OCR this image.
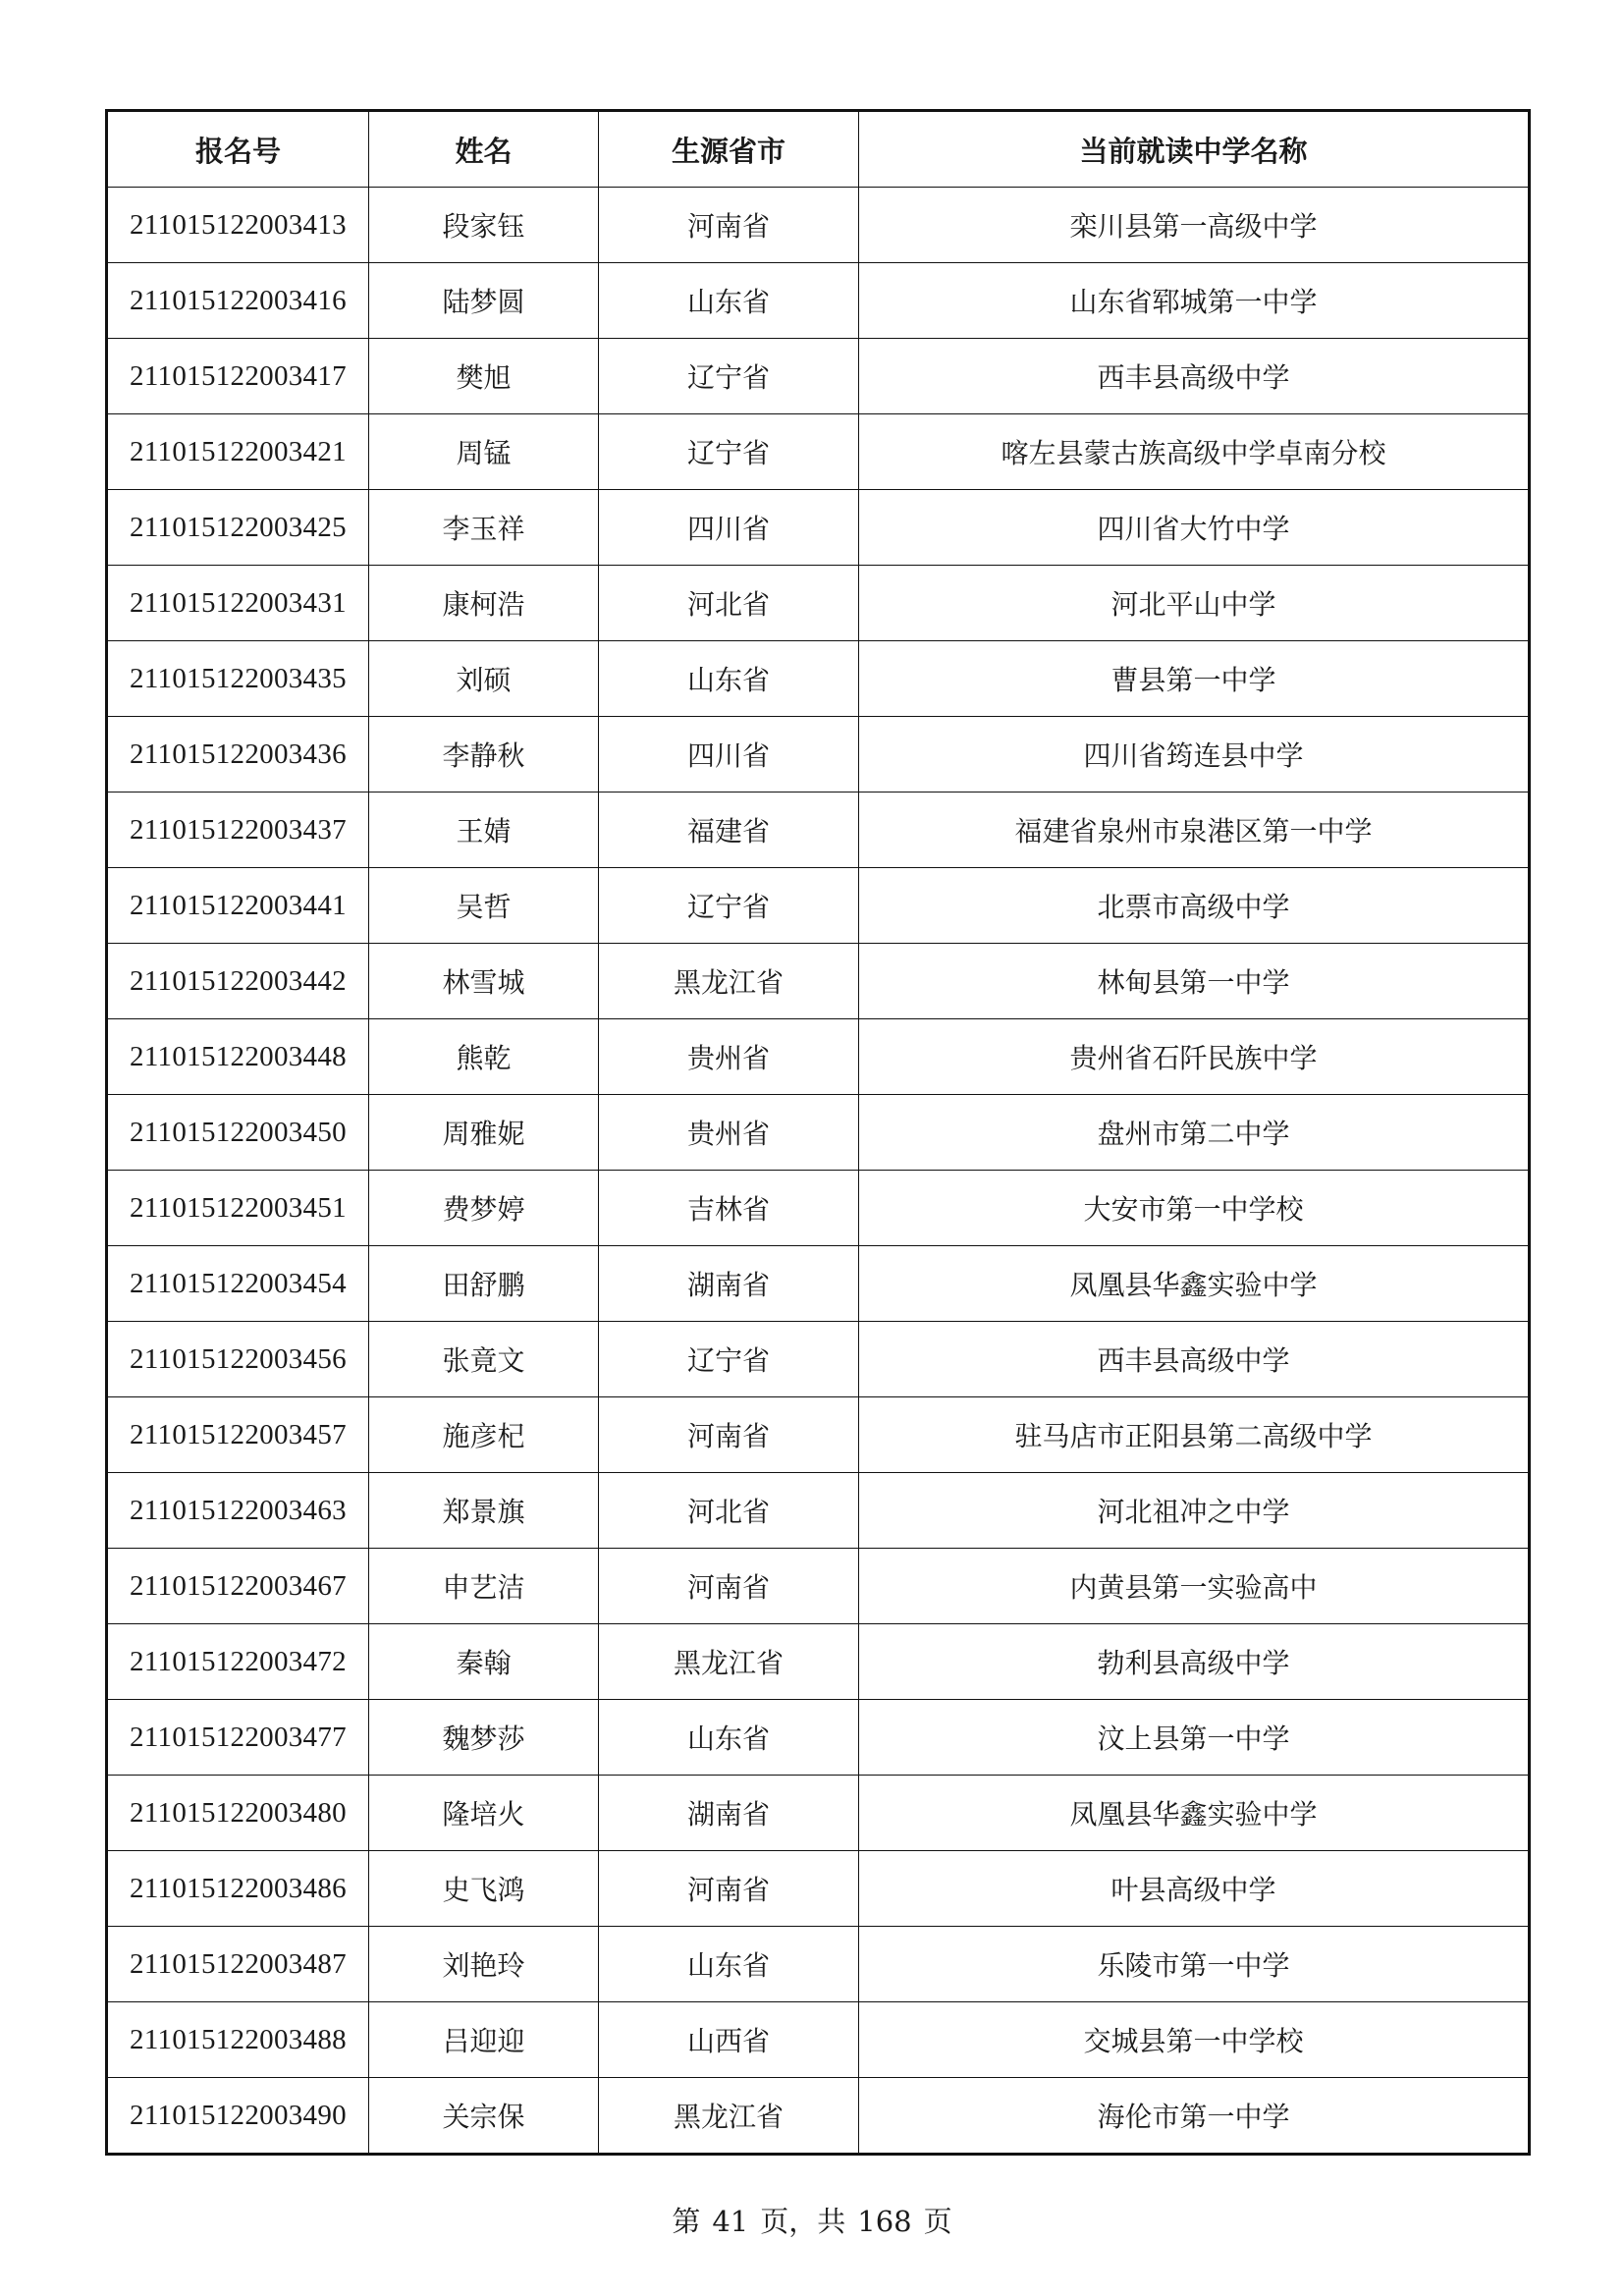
报名号	姓名	生源省市	当前就读中学名称
211015122003413	段家钰	河南省	栾川县第一高级中学
211015122003416	陆梦圆	山东省	山东省郓城第一中学
211015122003417	樊旭	辽宁省	西丰县高级中学
211015122003421	周锰	辽宁省	喀左县蒙古族高级中学卓南分校
211015122003425	李玉祥	四川省	四川省大竹中学
211015122003431	康柯浩	河北省	河北平山中学
211015122003435	刘硕	山东省	曹县第一中学
211015122003436	李静秋	四川省	四川省筠连县中学
211015122003437	王婧	福建省	福建省泉州市泉港区第一中学
211015122003441	吴哲	辽宁省	北票市高级中学
211015122003442	林雪城	黑龙江省	林甸县第一中学
211015122003448	熊乾	贵州省	贵州省石阡民族中学
211015122003450	周雅妮	贵州省	盘州市第二中学
211015122003451	费梦婷	吉林省	大安市第一中学校
211015122003454	田舒鹏	湖南省	凤凰县华鑫实验中学
211015122003456	张竟文	辽宁省	西丰县高级中学
211015122003457	施彦杞	河南省	驻马店市正阳县第二高级中学
211015122003463	郑景旗	河北省	河北祖冲之中学
211015122003467	申艺洁	河南省	内黄县第一实验高中
211015122003472	秦翰	黑龙江省	勃利县高级中学
211015122003477	魏梦莎	山东省	汶上县第一中学
211015122003480	隆培火	湖南省	凤凰县华鑫实验中学
211015122003486	史飞鸿	河南省	叶县高级中学
211015122003487	刘艳玲	山东省	乐陵市第一中学
211015122003488	吕迎迎	山西省	交城县第一中学校
211015122003490	关宗保	黑龙江省	海伦市第一中学
第 41 页，共 168 页
